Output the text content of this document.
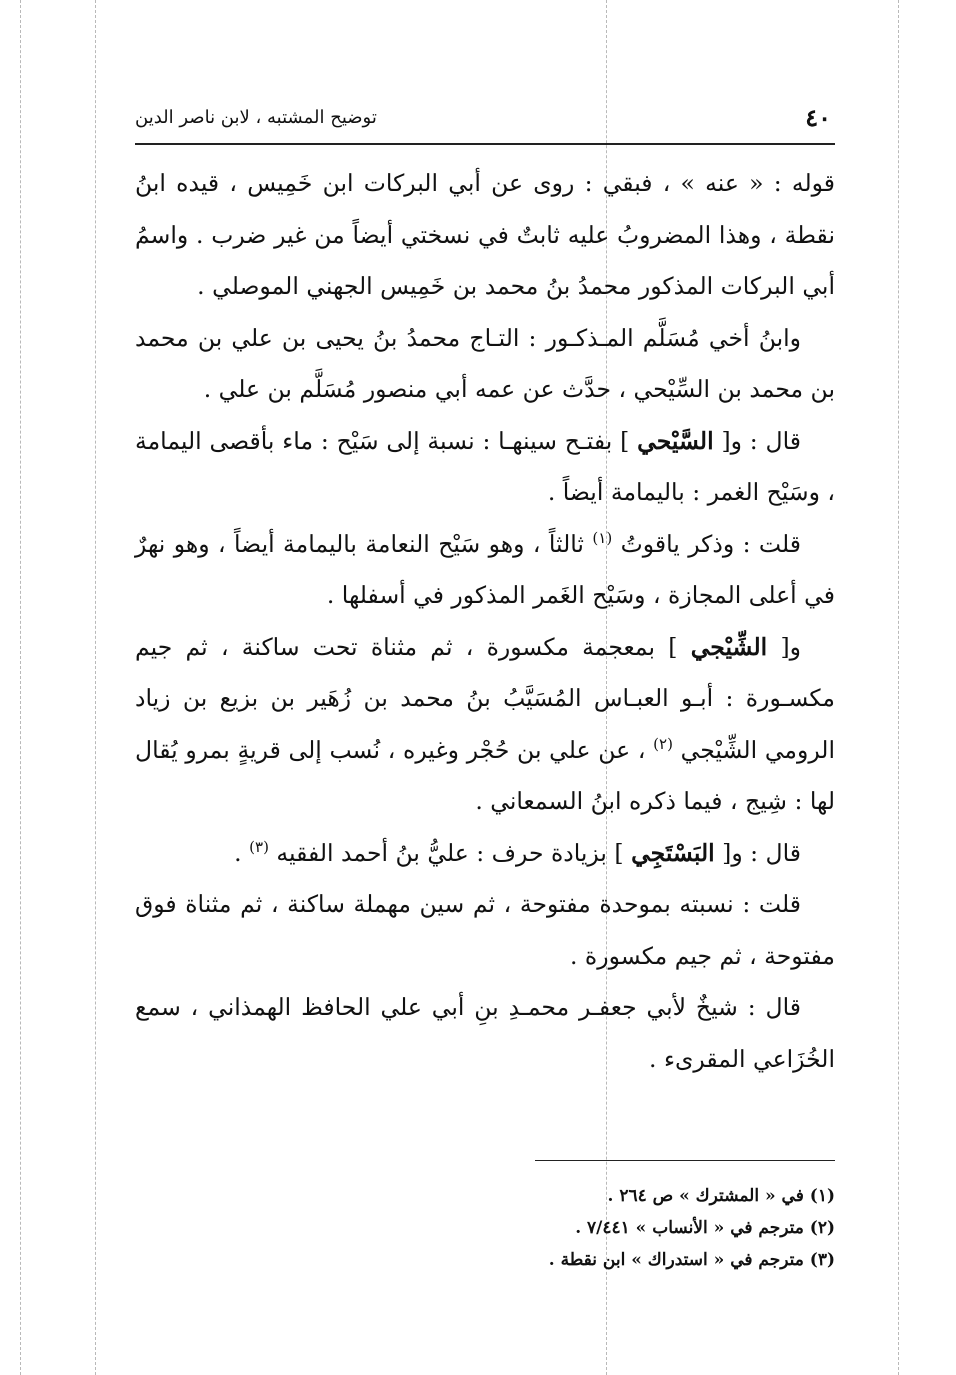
٤٠
توضيح المشتبه ، لابن ناصر الدين

قوله : « عنه » ، فبقي : روى عن أبي البركات ابن خَمِيس ، قيده ابنُ نقطة ، وهذا المضروبُ عليه ثابتٌ في نسختي أيضاً من غير ضرب . واسمُ أبي البركات المذكور محمدُ بنُ محمد بن خَمِيس الجهني الموصلي .

وابنُ أخي مُسَلَّم المـذكـور : التـاج محمدُ بنُ يحيى بن علي بن محمد بن محمد بن السِّيْحي ، حدَّث عن عمه أبي منصور مُسَلَّم بن علي .

قال : و[ السَّيْحي ] بفتـح سينهـا : نسبة إلى سَيْح : ماء بأقصى اليمامة ، وسَيْح الغمر : باليمامة أيضاً .

قلت : وذكر ياقوتُ $^{(١)}$ ثالثاً ، وهو سَيْح النعامة باليمامة أيضاً ، وهو نهرٌ في أعلى المجازة ، وسَيْح الغَمر المذكور في أسفلها .

و[ الشِّيْجي ] بمعجمة مكسورة ، ثم مثناة تحت ساكنة ، ثم جيم مكسـورة : أبـو العبـاس المُسَيَّبُ بنُ محمد بن زُهَير بن بزيع بن زياد الرومي الشِّيْجي $^{(٢)}$ ، عن علي بن حُجْر وغيره ، نُسب إلى قريةٍ بمرو يُقال لها : شِيج ، فيما ذكره ابنُ السمعاني .

قال : و[ البَسْتَجِي ] بزيادة حرف : عليُّ بنُ أحمد الفقيه $^{(٣)}$ .

قلت : نسبته بموحدة مفتوحة ، ثم سين مهملة ساكنة ، ثم مثناة فوق مفتوحة ، ثم جيم مكسورة .

قال : شيخٌ لأبي جعفـر محمـدِ بنِ أبي علي الحافظ الهمذاني ، سمع الخُزَاعي المقرىء .

(١) في « المشترك » ص ٢٦٤ .

(٢) مترجم في « الأنساب » ٧/٤٤١ .

(٣) مترجم في « استدراك » ابن نقطة .
